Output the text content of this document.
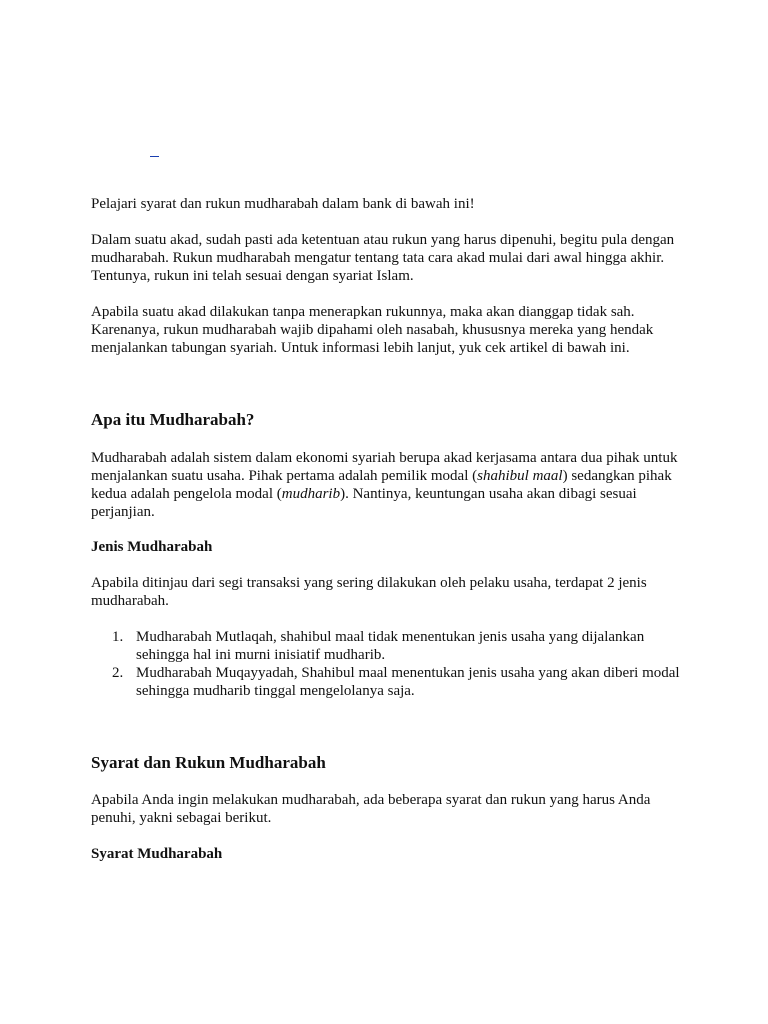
Pelajari syarat dan rukun mudharabah dalam bank di bawah ini!

Dalam suatu akad, sudah pasti ada ketentuan atau rukun yang harus dipenuhi, begitu pula dengan mudharabah. Rukun mudharabah mengatur tentang tata cara akad mulai dari awal hingga akhir. Tentunya, rukun ini telah sesuai dengan syariat Islam.

Apabila suatu akad dilakukan tanpa menerapkan rukunnya, maka akan dianggap tidak sah. Karenanya, rukun mudharabah wajib dipahami oleh nasabah, khususnya mereka yang hendak menjalankan tabungan syariah. Untuk informasi lebih lanjut, yuk cek artikel di bawah ini.

Apa itu Mudharabah?

Mudharabah adalah sistem dalam ekonomi syariah berupa akad kerjasama antara dua pihak untuk menjalankan suatu usaha. Pihak pertama adalah pemilik modal (shahibul maal) sedangkan pihak kedua adalah pengelola modal (mudharib). Nantinya, keuntungan usaha akan dibagi sesuai perjanjian.

Jenis Mudharabah

Apabila ditinjau dari segi transaksi yang sering dilakukan oleh pelaku usaha, terdapat 2 jenis mudharabah.

1. Mudharabah Mutlaqah, shahibul maal tidak menentukan jenis usaha yang dijalankan sehingga hal ini murni inisiatif mudharib.
2. Mudharabah Muqayyadah, Shahibul maal menentukan jenis usaha yang akan diberi modal sehingga mudharib tinggal mengelolanya saja.
Syarat dan Rukun Mudharabah

Apabila Anda ingin melakukan mudharabah, ada beberapa syarat dan rukun yang harus Anda penuhi, yakni sebagai berikut.

Syarat Mudharabah
